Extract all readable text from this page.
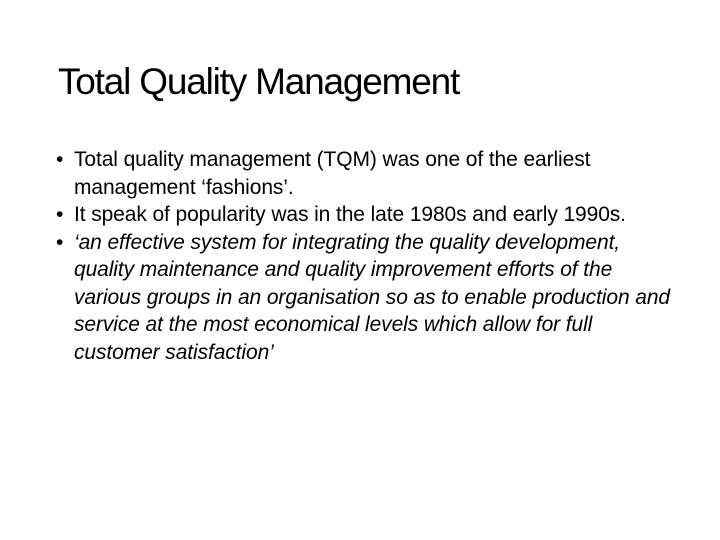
Total Quality Management
• Total quality management (TQM) was one of the earliest management ‘fashions’.
• It speak of popularity was in the late 1980s and early 1990s.
• ‘an effective system for integrating the quality development, quality maintenance and quality improvement efforts of the various groups in an organisation so as to enable production and service at the most economical levels which allow for full customer satisfaction’
